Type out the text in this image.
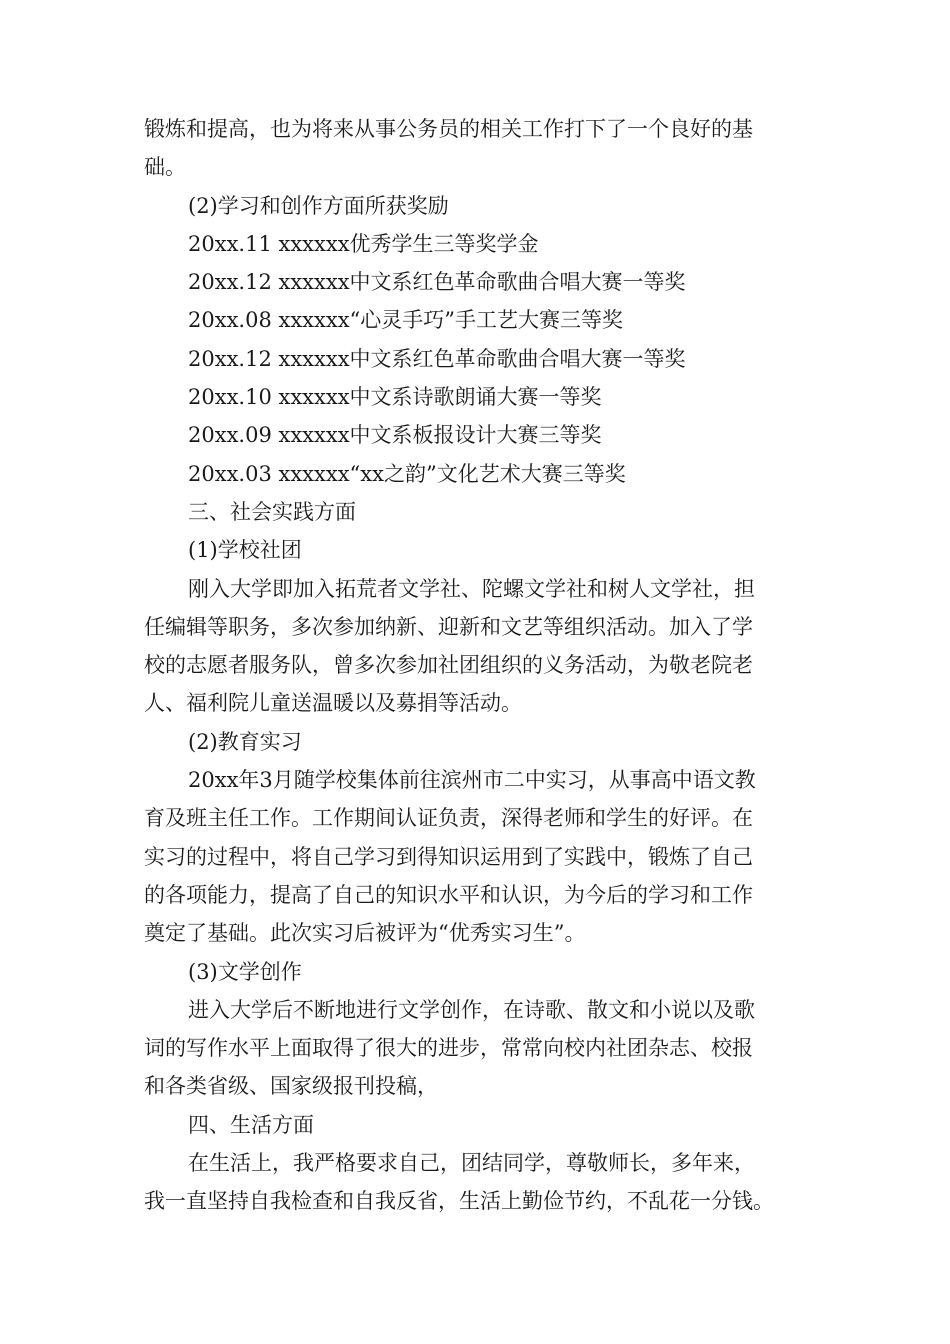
锻炼和提高，也为将来从事公务员的相关工作打下了一个良好的基

础。

(2)学习和创作方面所获奖励

20xx.11 xxxxxx优秀学生三等奖学金

20xx.12 xxxxxx中文系红色革命歌曲合唱大赛一等奖

20xx.08 xxxxxx“心灵手巧”手工艺大赛三等奖

20xx.12 xxxxxx中文系红色革命歌曲合唱大赛一等奖

20xx.10 xxxxxx中文系诗歌朗诵大赛一等奖

20xx.09 xxxxxx中文系板报设计大赛三等奖

20xx.03 xxxxxx“xx之韵”文化艺术大赛三等奖

三、社会实践方面

(1)学校社团

刚入大学即加入拓荒者文学社、陀螺文学社和树人文学社，担

任编辑等职务，多次参加纳新、迎新和文艺等组织活动。加入了学

校的志愿者服务队，曾多次参加社团组织的义务活动，为敬老院老

人、福利院儿童送温暖以及募捐等活动。

(2)教育实习

20xx年3月随学校集体前往滨州市二中实习，从事高中语文教

育及班主任工作。工作期间认证负责，深得老师和学生的好评。在

实习的过程中，将自己学习到得知识运用到了实践中，锻炼了自己

的各项能力，提高了自己的知识水平和认识，为今后的学习和工作

奠定了基础。此次实习后被评为“优秀实习生”。

(3)文学创作

进入大学后不断地进行文学创作，在诗歌、散文和小说以及歌

词的写作水平上面取得了很大的进步，常常向校内社团杂志、校报

和各类省级、国家级报刊投稿，

四、生活方面

在生活上，我严格要求自己，团结同学，尊敬师长，多年来，

我一直坚持自我检查和自我反省，生活上勤俭节约，不乱花一分钱。
